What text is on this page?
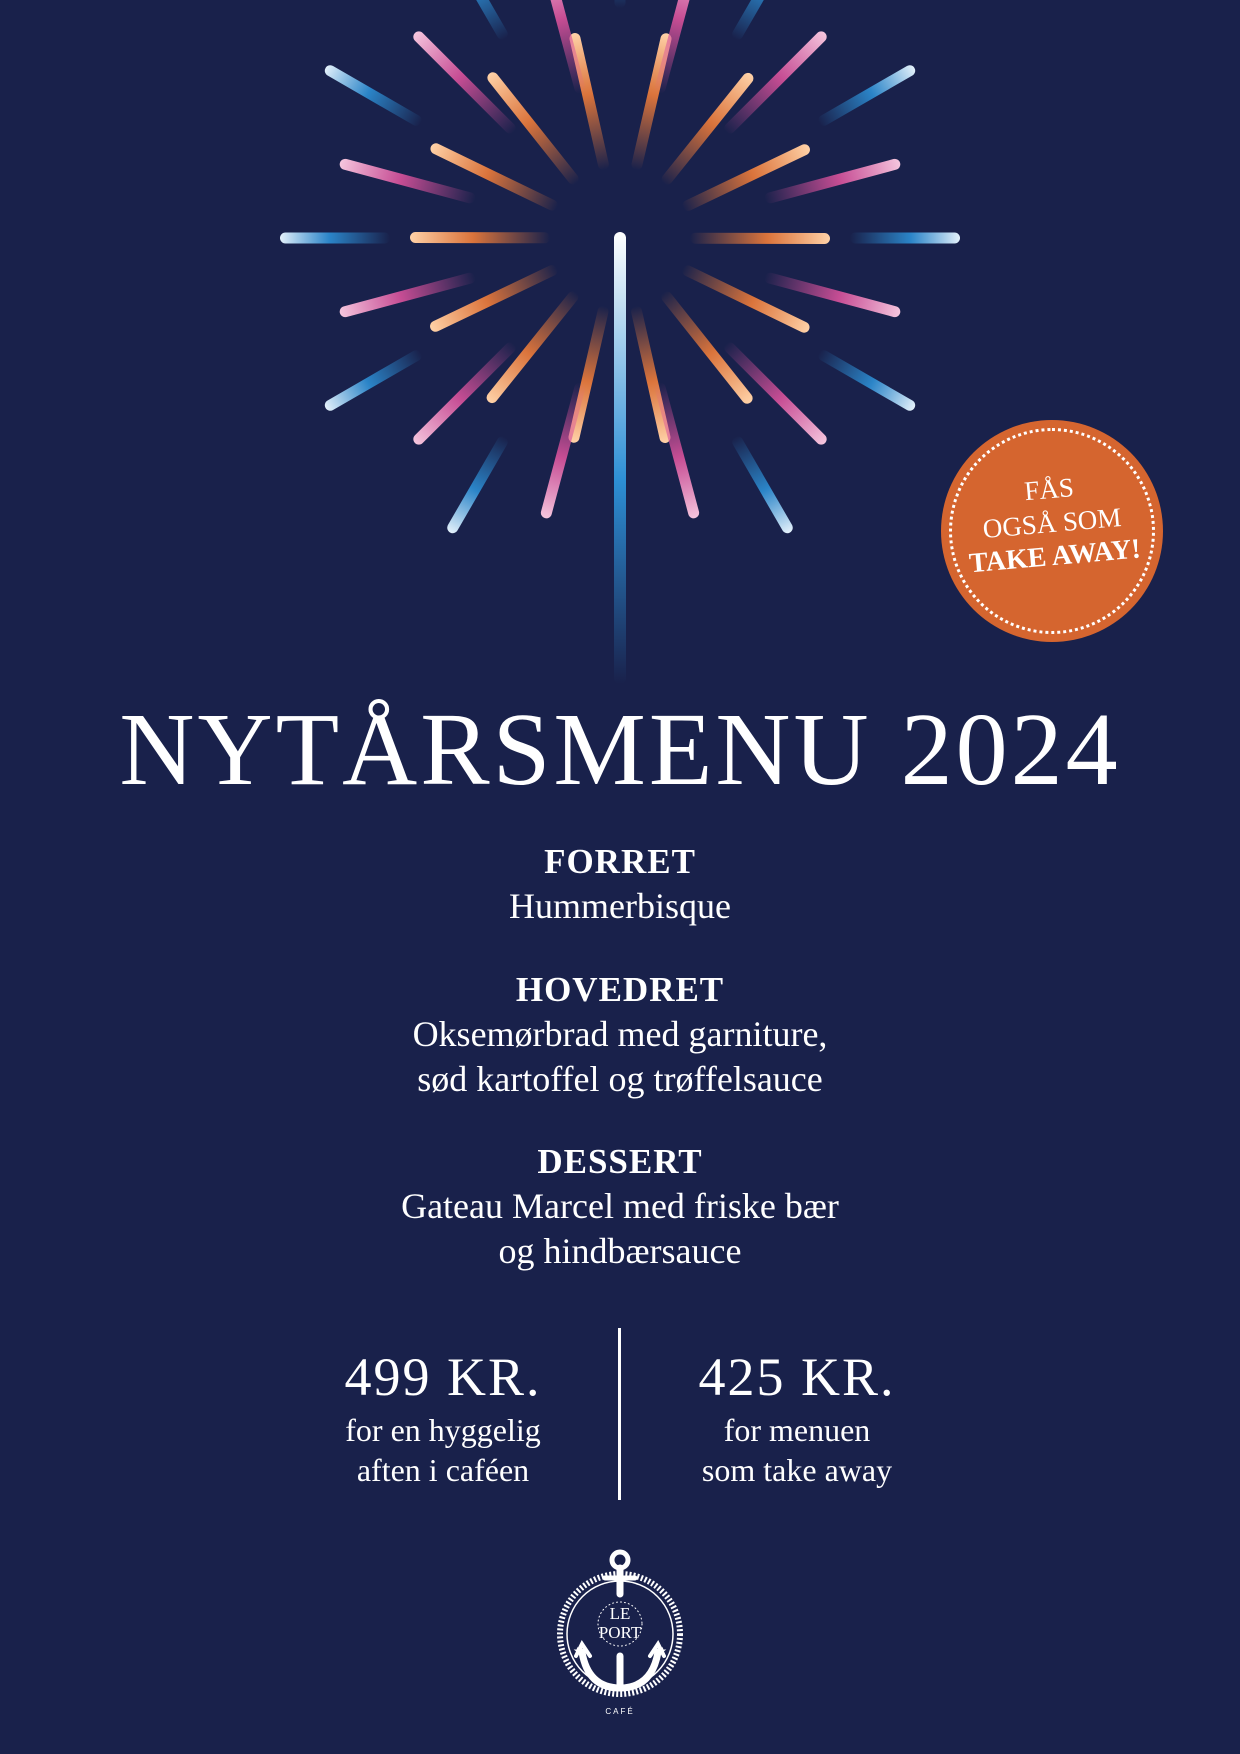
FÅS
OGSÅ SOM
TAKE AWAY!
NYTÅRSMENU 2024
FORRET
Hummerbisque
HOVEDRET
Oksemørbrad med garniture,
sød kartoffel og trøffelsauce
DESSERT
Gateau Marcel med friske bær
og hindbærsauce
499 KR.
for en hyggelig
aften i caféen
425 KR.
for menuen
som take away
★	★
LE
PORT
CAFÉ
